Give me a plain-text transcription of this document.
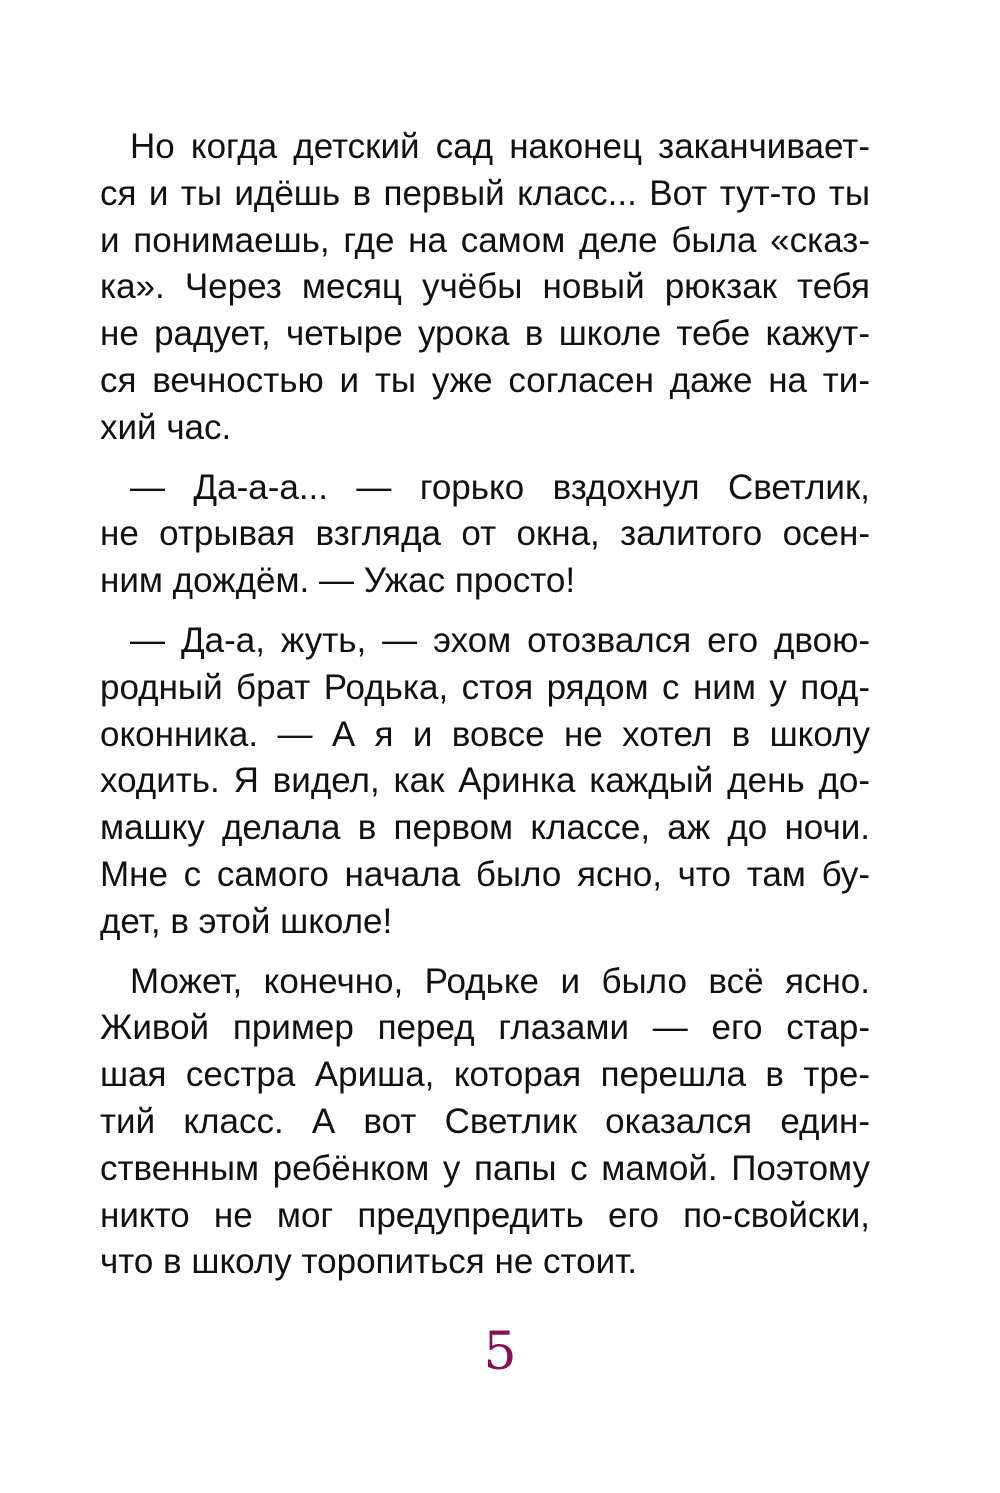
Но когда детский сад наконец заканчивает-
ся и ты идёшь в первый класс... Вот тут-то ты
и понимаешь, где на самом деле была «сказ-
ка». Через месяц учёбы новый рюкзак тебя
не радует, четыре урока в школе тебе кажут-
ся вечностью и ты уже согласен даже на ти-
хий час.
— Да-а-а... — горько вздохнул Светлик,
не отрывая взгляда от окна, залитого осен-
ним дождём. — Ужас просто!
— Да-а, жуть, — эхом отозвался его двою-
родный брат Родька, стоя рядом с ним у под-
оконника. — А я и вовсе не хотел в школу
ходить. Я видел, как Аринка каждый день до-
машку делала в первом классе, аж до ночи.
Мне с самого начала было ясно, что там бу-
дет, в этой школе!
Может, конечно, Родьке и было всё ясно.
Живой пример перед глазами — его стар-
шая сестра Ариша, которая перешла в тре-
тий класс. А вот Светлик оказался един-
ственным ребёнком у папы с мамой. Поэтому
никто не мог предупредить его по-свойски,
что в школу торопиться не стоит.
5
